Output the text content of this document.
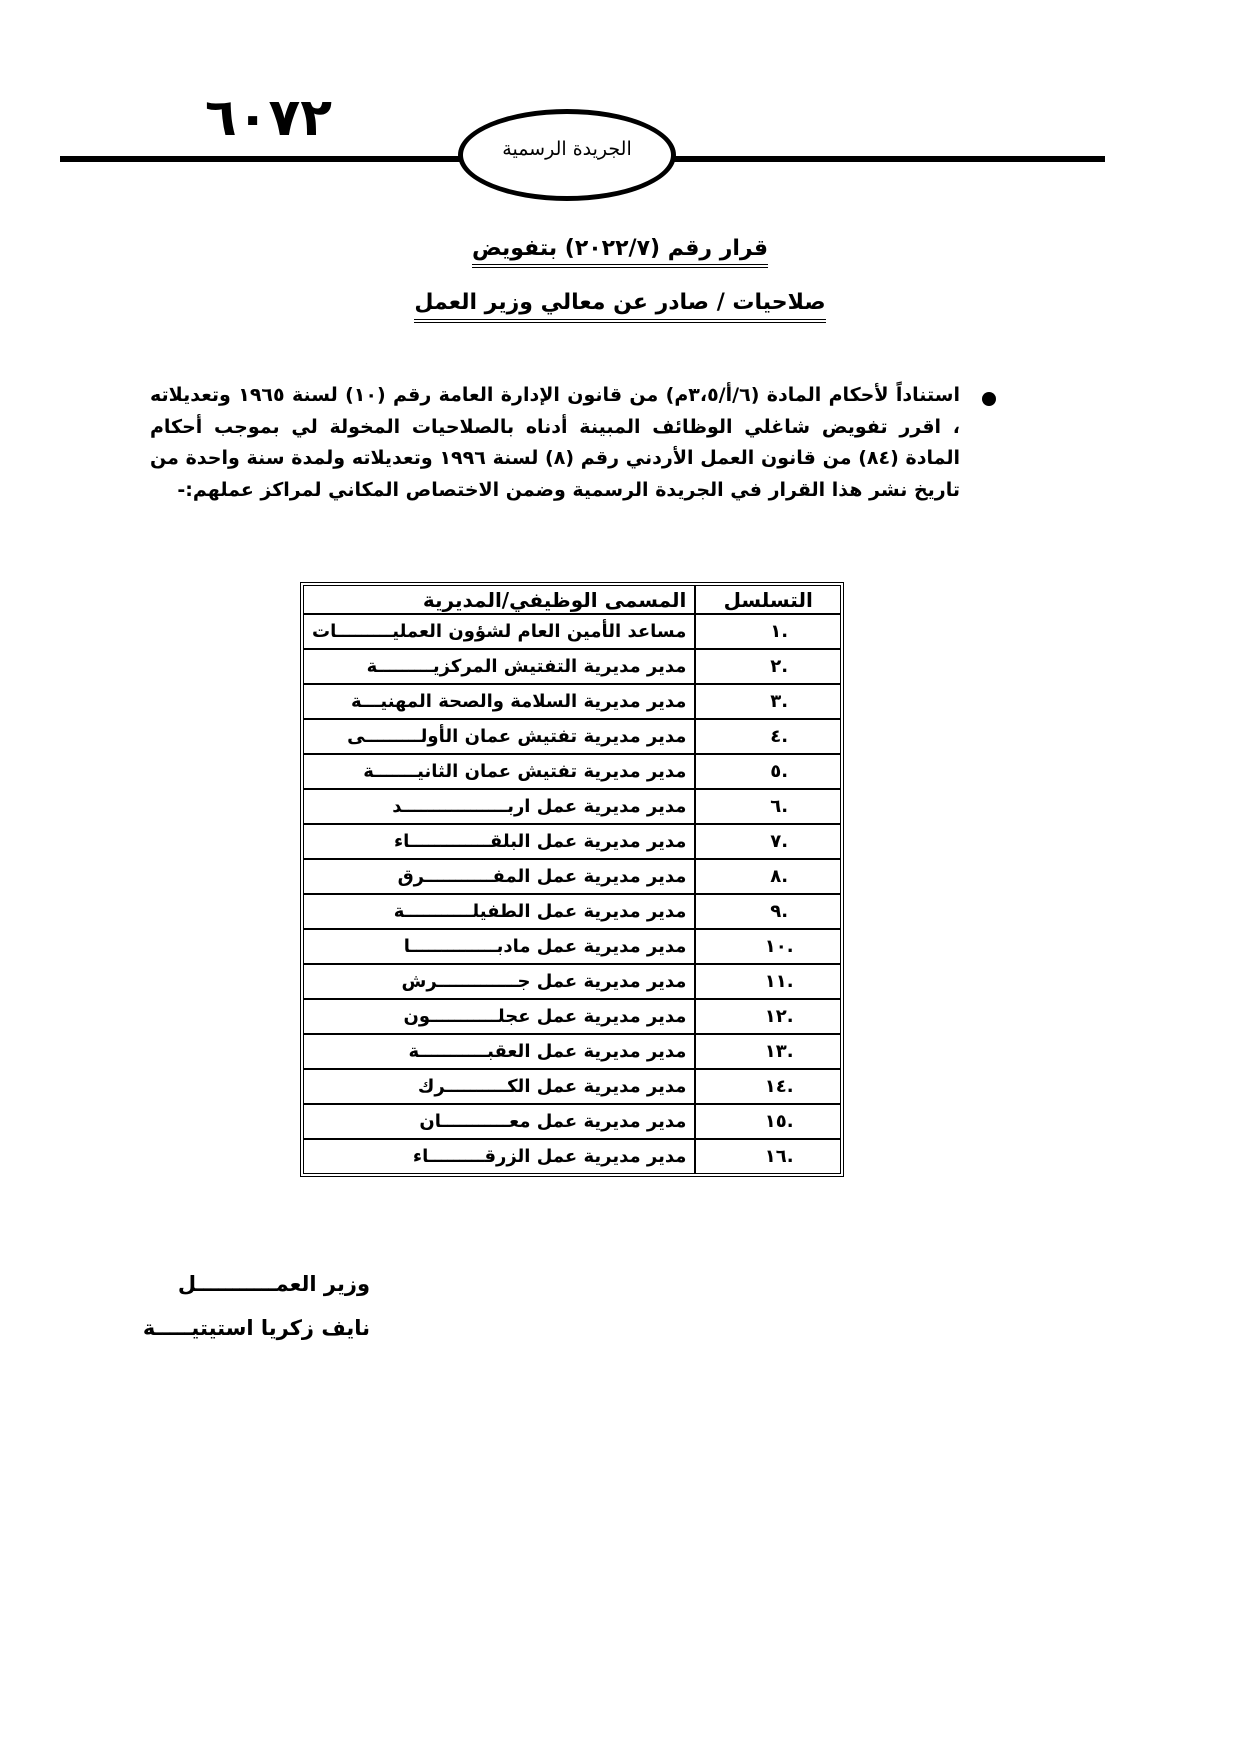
٦٠٧٢
الجريدة الرسمية
قرار رقم (٢٠٢٢/٧) بتفويض
صلاحيات / صادر عن معالي وزير العمل
استناداً لأحكام المادة (٦/أ/٣،٥م) من قانون الإدارة العامة رقم (١٠) لسنة ١٩٦٥ وتعديلاته ، اقرر تفويض شاغلي الوظائف المبينة أدناه بالصلاحيات المخولة لي بموجب أحكام المادة (٨٤) من قانون العمل الأردني رقم (٨) لسنة ١٩٩٦ وتعديلاته ولمدة سنة واحدة من تاريخ نشر هذا القرار في الجريدة الرسمية وضمن الاختصاص المكاني لمراكز عملهم:-
التسلسل	المسمى الوظيفي/المديرية
.١	مساعد الأمين العام لشؤون العمليـــــــــات
.٢	مدير مديرية التفتيش المركزيـــــــــة
.٣	مدير مديرية السلامة والصحة المهنيـــة
.٤	مدير مديرية تفتيش عمان الأولـــــــــى
.٥	مدير مديرية تفتيش عمان الثانيـــــــة
.٦	مدير مديرية عمل اربـــــــــــــــــد
.٧	مدير مديرية عمل البلقـــــــــــــاء
.٨	مدير مديرية عمل المفـــــــــــرق
.٩	مدير مديرية عمل الطفيلـــــــــــة
.١٠	مدير مديرية عمل مادبــــــــــــــا
.١١	مدير مديرية عمل جـــــــــــــرش
.١٢	مدير مديرية عمل عجلـــــــــــون
.١٣	مدير مديرية عمل العقبـــــــــــة
.١٤	مدير مديرية عمل الكــــــــــرك
.١٥	مدير مديرية عمل معـــــــــــان
.١٦	مدير مديرية عمل الزرقـــــــــاء
وزير العمـــــــــــل
نايف زكريا استيتيـــــة
